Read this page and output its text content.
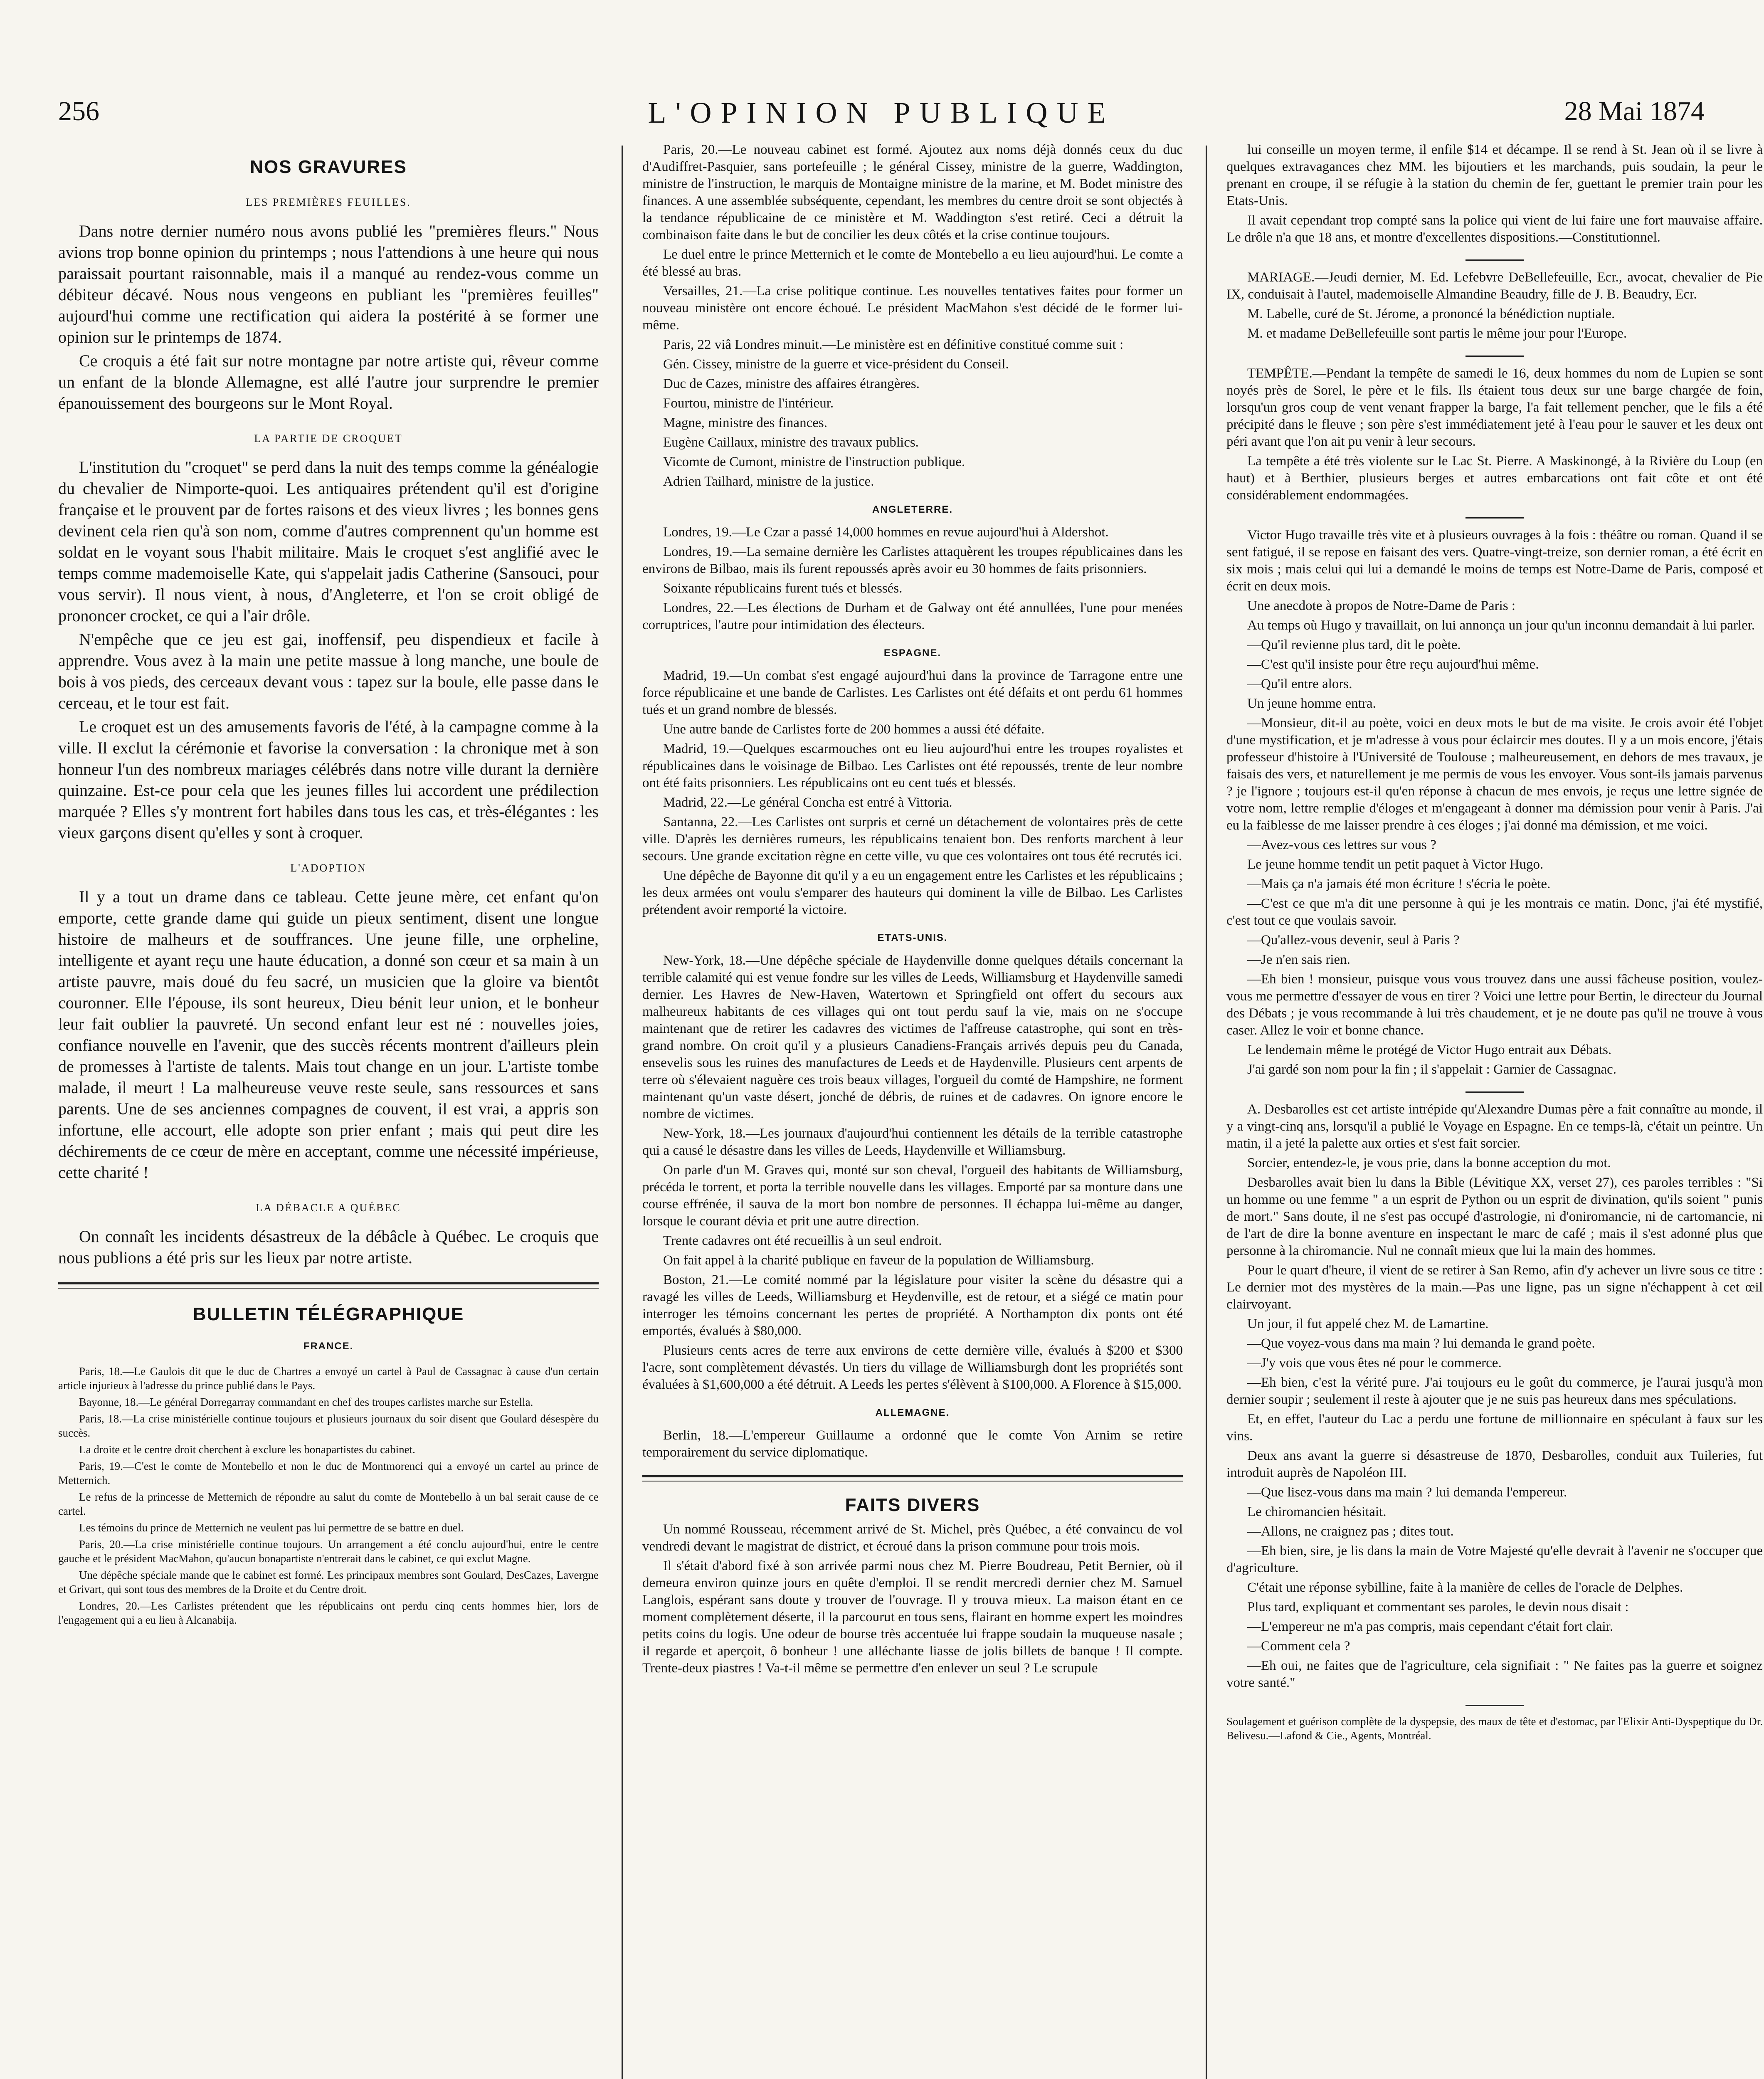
L'OPINION PUBLIQUE
256	28 Mai 1874
NOS GRAVURES
LES PREMIÈRES FEUILLES.

Dans notre dernier numéro nous avons publié les "premières fleurs." Nous avions trop bonne opinion du printemps ; nous l'attendions à une heure qui nous paraissait pourtant raisonnable, mais il a manqué au rendez-vous comme un débiteur décavé. Nous nous vengeons en publiant les "premières feuilles" aujourd'hui comme une rectification qui aidera la postérité à se former une opinion sur le printemps de 1874.

Ce croquis a été fait sur notre montagne par notre artiste qui, rêveur comme un enfant de la blonde Allemagne, est allé l'autre jour surprendre le premier épanouissement des bourgeons sur le Mont Royal.

LA PARTIE DE CROQUET

L'institution du "croquet" se perd dans la nuit des temps comme la généalogie du chevalier de Nimporte-quoi. Les antiquaires prétendent qu'il est d'origine française et le prouvent par de fortes raisons et des vieux livres ; les bonnes gens devinent cela rien qu'à son nom, comme d'autres comprennent qu'un homme est soldat en le voyant sous l'habit militaire. Mais le croquet s'est anglifié avec le temps comme mademoiselle Kate, qui s'appelait jadis Catherine (Sansouci, pour vous servir). Il nous vient, à nous, d'Angleterre, et l'on se croit obligé de prononcer crocket, ce qui a l'air drôle.

N'empêche que ce jeu est gai, inoffensif, peu dispendieux et facile à apprendre. Vous avez à la main une petite massue à long manche, une boule de bois à vos pieds, des cerceaux devant vous : tapez sur la boule, elle passe dans le cerceau, et le tour est fait.

Le croquet est un des amusements favoris de l'été, à la campagne comme à la ville. Il exclut la cérémonie et favorise la conversation : la chronique met à son honneur l'un des nombreux mariages célébrés dans notre ville durant la dernière quinzaine. Est-ce pour cela que les jeunes filles lui accordent une prédilection marquée ? Elles s'y montrent fort habiles dans tous les cas, et très-élégantes : les vieux garçons disent qu'elles y sont à croquer.

L'ADOPTION

Il y a tout un drame dans ce tableau. Cette jeune mère, cet enfant qu'on emporte, cette grande dame qui guide un pieux sentiment, disent une longue histoire de malheurs et de souffrances. Une jeune fille, une orpheline, intelligente et ayant reçu une haute éducation, a donné son cœur et sa main à un artiste pauvre, mais doué du feu sacré, un musicien que la gloire va bientôt couronner. Elle l'épouse, ils sont heureux, Dieu bénit leur union, et le bonheur leur fait oublier la pauvreté. Un second enfant leur est né : nouvelles joies, confiance nouvelle en l'avenir, que des succès récents montrent d'ailleurs plein de promesses à l'artiste de talents. Mais tout change en un jour. L'artiste tombe malade, il meurt ! La malheureuse veuve reste seule, sans ressources et sans parents. Une de ses anciennes compagnes de couvent, il est vrai, a appris son infortune, elle accourt, elle adopte son prier enfant ; mais qui peut dire les déchirements de ce cœur de mère en acceptant, comme une nécessité impérieuse, cette charité !

LA DÉBACLE A QUÉBEC

On connaît les incidents désastreux de la débâcle à Québec. Le croquis que nous publions a été pris sur les lieux par notre artiste.

BULLETIN TÉLÉGRAPHIQUE
FRANCE.

Paris, 18.—Le Gaulois dit que le duc de Chartres a envoyé un cartel à Paul de Cassagnac à cause d'un certain article injurieux à l'adresse du prince publié dans le Pays.

Bayonne, 18.—Le général Dorregarray commandant en chef des troupes carlistes marche sur Estella.

Paris, 18.—La crise ministérielle continue toujours et plusieurs journaux du soir disent que Goulard désespère du succès.

La droite et le centre droit cherchent à exclure les bonapartistes du cabinet.

Paris, 19.—C'est le comte de Montebello et non le duc de Montmorenci qui a envoyé un cartel au prince de Metternich.

Le refus de la princesse de Metternich de répondre au salut du comte de Montebello à un bal serait cause de ce cartel.

Les témoins du prince de Metternich ne veulent pas lui permettre de se battre en duel.

Paris, 20.—La crise ministérielle continue toujours. Un arrangement a été conclu aujourd'hui, entre le centre gauche et le président MacMahon, qu'aucun bonapartiste n'entrerait dans le cabinet, ce qui exclut Magne.

Une dépêche spéciale mande que le cabinet est formé. Les principaux membres sont Goulard, DesCazes, Lavergne et Grivart, qui sont tous des membres de la Droite et du Centre droit.

Londres, 20.—Les Carlistes prétendent que les républicains ont perdu cinq cents hommes hier, lors de l'engagement qui a eu lieu à Alcanabija.

Paris, 20.—Le nouveau cabinet est formé. Ajoutez aux noms déjà donnés ceux du duc d'Audiffret-Pasquier, sans portefeuille ; le général Cissey, ministre de la guerre, Waddington, ministre de l'instruction, le marquis de Montaigne ministre de la marine, et M. Bodet ministre des finances. A une assemblée subséquente, cependant, les membres du centre droit se sont objectés à la tendance républicaine de ce ministère et M. Waddington s'est retiré. Ceci a détruit la combinaison faite dans le but de concilier les deux côtés et la crise continue toujours.

Le duel entre le prince Metternich et le comte de Montebello a eu lieu aujourd'hui. Le comte a été blessé au bras.

Versailles, 21.—La crise politique continue. Les nouvelles tentatives faites pour former un nouveau ministère ont encore échoué. Le président MacMahon s'est décidé de le former lui-même.

Paris, 22 viâ Londres minuit.—Le ministère est en définitive constitué comme suit :

Gén. Cissey, ministre de la guerre et vice-président du Conseil.

Duc de Cazes, ministre des affaires étrangères.

Fourtou, ministre de l'intérieur.

Magne, ministre des finances.

Eugène Caillaux, ministre des travaux publics.

Vicomte de Cumont, ministre de l'instruction publique.

Adrien Tailhard, ministre de la justice.

ANGLETERRE.

Londres, 19.—Le Czar a passé 14,000 hommes en revue aujourd'hui à Aldershot.

Londres, 19.—La semaine dernière les Carlistes attaquèrent les troupes républicaines dans les environs de Bilbao, mais ils furent repoussés après avoir eu 30 hommes de faits prisonniers.

Soixante républicains furent tués et blessés.

Londres, 22.—Les élections de Durham et de Galway ont été annullées, l'une pour menées corruptrices, l'autre pour intimidation des électeurs.

ESPAGNE.

Madrid, 19.—Un combat s'est engagé aujourd'hui dans la province de Tarragone entre une force républicaine et une bande de Carlistes. Les Carlistes ont été défaits et ont perdu 61 hommes tués et un grand nombre de blessés.

Une autre bande de Carlistes forte de 200 hommes a aussi été défaite.

Madrid, 19.—Quelques escarmouches ont eu lieu aujourd'hui entre les troupes royalistes et républicaines dans le voisinage de Bilbao. Les Carlistes ont été repoussés, trente de leur nombre ont été faits prisonniers. Les républicains ont eu cent tués et blessés.

Madrid, 22.—Le général Concha est entré à Vittoria.

Santanna, 22.—Les Carlistes ont surpris et cerné un détachement de volontaires près de cette ville. D'après les dernières rumeurs, les républicains tenaient bon. Des renforts marchent à leur secours. Une grande excitation règne en cette ville, vu que ces volontaires ont tous été recrutés ici.

Une dépêche de Bayonne dit qu'il y a eu un engagement entre les Carlistes et les républicains ; les deux armées ont voulu s'emparer des hauteurs qui dominent la ville de Bilbao. Les Carlistes prétendent avoir remporté la victoire.

ETATS-UNIS.

New-York, 18.—Une dépêche spéciale de Haydenville donne quelques détails concernant la terrible calamité qui est venue fondre sur les villes de Leeds, Williamsburg et Haydenville samedi dernier. Les Havres de New-Haven, Watertown et Springfield ont offert du secours aux malheureux habitants de ces villages qui ont tout perdu sauf la vie, mais on ne s'occupe maintenant que de retirer les cadavres des victimes de l'affreuse catastrophe, qui sont en très-grand nombre. On croit qu'il y a plusieurs Canadiens-Français arrivés depuis peu du Canada, ensevelis sous les ruines des manufactures de Leeds et de Haydenville. Plusieurs cent arpents de terre où s'élevaient naguère ces trois beaux villages, l'orgueil du comté de Hampshire, ne forment maintenant qu'un vaste désert, jonché de débris, de ruines et de cadavres. On ignore encore le nombre de victimes.

New-York, 18.—Les journaux d'aujourd'hui contiennent les détails de la terrible catastrophe qui a causé le désastre dans les villes de Leeds, Haydenville et Williamsburg.

On parle d'un M. Graves qui, monté sur son cheval, l'orgueil des habitants de Williamsburg, précéda le torrent, et porta la terrible nouvelle dans les villages. Emporté par sa monture dans une course effrénée, il sauva de la mort bon nombre de personnes. Il échappa lui-même au danger, lorsque le courant dévia et prit une autre direction.

Trente cadavres ont été recueillis à un seul endroit.

On fait appel à la charité publique en faveur de la population de Williamsburg.

Boston, 21.—Le comité nommé par la législature pour visiter la scène du désastre qui a ravagé les villes de Leeds, Williamsburg et Heydenville, est de retour, et a siégé ce matin pour interroger les témoins concernant les pertes de propriété. A Northampton dix ponts ont été emportés, évalués à $80,000.

Plusieurs cents acres de terre aux environs de cette dernière ville, évalués à $200 et $300 l'acre, sont complètement dévastés. Un tiers du village de Williamsburgh dont les propriétés sont évaluées à $1,600,000 a été détruit. A Leeds les pertes s'élèvent à $100,000. A Florence à $15,000.

ALLEMAGNE.

Berlin, 18.—L'empereur Guillaume a ordonné que le comte Von Arnim se retire temporairement du service diplomatique.

FAITS DIVERS

Un nommé Rousseau, récemment arrivé de St. Michel, près Québec, a été convaincu de vol vendredi devant le magistrat de district, et écroué dans la prison commune pour trois mois.

Il s'était d'abord fixé à son arrivée parmi nous chez M. Pierre Boudreau, Petit Bernier, où il demeura environ quinze jours en quête d'emploi. Il se rendit mercredi dernier chez M. Samuel Langlois, espérant sans doute y trouver de l'ouvrage. Il y trouva mieux. La maison étant en ce moment complètement déserte, il la parcourut en tous sens, flairant en homme expert les moindres petits coins du logis. Une odeur de bourse très accentuée lui frappe soudain la muqueuse nasale ; il regarde et aperçoit, ô bonheur ! une alléchante liasse de jolis billets de banque ! Il compte. Trente-deux piastres ! Va-t-il même se permettre d'en enlever un seul ? Le scrupule

lui conseille un moyen terme, il enfile $14 et décampe. Il se rend à St. Jean où il se livre à quelques extravagances chez MM. les bijoutiers et les marchands, puis soudain, la peur le prenant en croupe, il se réfugie à la station du chemin de fer, guettant le premier train pour les Etats-Unis.

Il avait cependant trop compté sans la police qui vient de lui faire une fort mauvaise affaire. Le drôle n'a que 18 ans, et montre d'excellentes dispositions.—Constitutionnel.

MARIAGE.—Jeudi dernier, M. Ed. Lefebvre DeBellefeuille, Ecr., avocat, chevalier de Pie IX, conduisait à l'autel, mademoiselle Almandine Beaudry, fille de J. B. Beaudry, Ecr.

M. Labelle, curé de St. Jérome, a prononcé la bénédiction nuptiale.

M. et madame DeBellefeuille sont partis le même jour pour l'Europe.

TEMPÊTE.—Pendant la tempête de samedi le 16, deux hommes du nom de Lupien se sont noyés près de Sorel, le père et le fils. Ils étaient tous deux sur une barge chargée de foin, lorsqu'un gros coup de vent venant frapper la barge, l'a fait tellement pencher, que le fils a été précipité dans le fleuve ; son père s'est immédiatement jeté à l'eau pour le sauver et les deux ont péri avant que l'on ait pu venir à leur secours.

La tempête a été très violente sur le Lac St. Pierre. A Maskinongé, à la Rivière du Loup (en haut) et à Berthier, plusieurs berges et autres embarcations ont fait côte et ont été considérablement endommagées.

Victor Hugo travaille très vite et à plusieurs ouvrages à la fois : théâtre ou roman. Quand il se sent fatigué, il se repose en faisant des vers. Quatre-vingt-treize, son dernier roman, a été écrit en six mois ; mais celui qui lui a demandé le moins de temps est Notre-Dame de Paris, composé et écrit en deux mois.

Une anecdote à propos de Notre-Dame de Paris :

Au temps où Hugo y travaillait, on lui annonça un jour qu'un inconnu demandait à lui parler.

—Qu'il revienne plus tard, dit le poète.

—C'est qu'il insiste pour être reçu aujourd'hui même.

—Qu'il entre alors.

Un jeune homme entra.

—Monsieur, dit-il au poète, voici en deux mots le but de ma visite. Je crois avoir été l'objet d'une mystification, et je m'adresse à vous pour éclaircir mes doutes. Il y a un mois encore, j'étais professeur d'histoire à l'Université de Toulouse ; malheureusement, en dehors de mes travaux, je faisais des vers, et naturellement je me permis de vous les envoyer. Vous sont-ils jamais parvenus ? je l'ignore ; toujours est-il qu'en réponse à chacun de mes envois, je reçus une lettre signée de votre nom, lettre remplie d'éloges et m'engageant à donner ma démission pour venir à Paris. J'ai eu la faiblesse de me laisser prendre à ces éloges ; j'ai donné ma démission, et me voici.

—Avez-vous ces lettres sur vous ?

Le jeune homme tendit un petit paquet à Victor Hugo.

—Mais ça n'a jamais été mon écriture ! s'écria le poète.

—C'est ce que m'a dit une personne à qui je les montrais ce matin. Donc, j'ai été mystifié, c'est tout ce que voulais savoir.

—Qu'allez-vous devenir, seul à Paris ?

—Je n'en sais rien.

—Eh bien ! monsieur, puisque vous vous trouvez dans une aussi fâcheuse position, voulez-vous me permettre d'essayer de vous en tirer ? Voici une lettre pour Bertin, le directeur du Journal des Débats ; je vous recommande à lui très chaudement, et je ne doute pas qu'il ne trouve à vous caser. Allez le voir et bonne chance.

Le lendemain même le protégé de Victor Hugo entrait aux Débats.

J'ai gardé son nom pour la fin ; il s'appelait : Garnier de Cassagnac.

A. Desbarolles est cet artiste intrépide qu'Alexandre Dumas père a fait connaître au monde, il y a vingt-cinq ans, lorsqu'il a publié le Voyage en Espagne. En ce temps-là, c'était un peintre. Un matin, il a jeté la palette aux orties et s'est fait sorcier.

Sorcier, entendez-le, je vous prie, dans la bonne acception du mot.

Desbarolles avait bien lu dans la Bible (Lévitique XX, verset 27), ces paroles terribles : "Si un homme ou une femme " a un esprit de Python ou un esprit de divination, qu'ils soient " punis de mort." Sans doute, il ne s'est pas occupé d'astrologie, ni d'oniromancie, ni de cartomancie, ni de l'art de dire la bonne aventure en inspectant le marc de café ; mais il s'est adonné plus que personne à la chiromancie. Nul ne connaît mieux que lui la main des hommes.

Pour le quart d'heure, il vient de se retirer à San Remo, afin d'y achever un livre sous ce titre : Le dernier mot des mystères de la main.—Pas une ligne, pas un signe n'échappent à cet œil clairvoyant.

Un jour, il fut appelé chez M. de Lamartine.

—Que voyez-vous dans ma main ? lui demanda le grand poète.

—J'y vois que vous êtes né pour le commerce.

—Eh bien, c'est la vérité pure. J'ai toujours eu le goût du commerce, je l'aurai jusqu'à mon dernier soupir ; seulement il reste à ajouter que je ne suis pas heureux dans mes spéculations.

Et, en effet, l'auteur du Lac a perdu une fortune de millionnaire en spéculant à faux sur les vins.

Deux ans avant la guerre si désastreuse de 1870, Desbarolles, conduit aux Tuileries, fut introduit auprès de Napoléon III.

—Que lisez-vous dans ma main ? lui demanda l'empereur.

Le chiromancien hésitait.

—Allons, ne craignez pas ; dites tout.

—Eh bien, sire, je lis dans la main de Votre Majesté qu'elle devrait à l'avenir ne s'occuper que d'agriculture.

C'était une réponse sybilline, faite à la manière de celles de l'oracle de Delphes.

Plus tard, expliquant et commentant ses paroles, le devin nous disait :

—L'empereur ne m'a pas compris, mais cependant c'était fort clair.

—Comment cela ?

—Eh oui, ne faites que de l'agriculture, cela signifiait : " Ne faites pas la guerre et soignez votre santé."

Soulagement et guérison complète de la dyspepsie, des maux de tête et d'estomac, par l'Elixir Anti-Dyspeptique du Dr. Belivesu.—Lafond & Cie., Agents, Montréal.
